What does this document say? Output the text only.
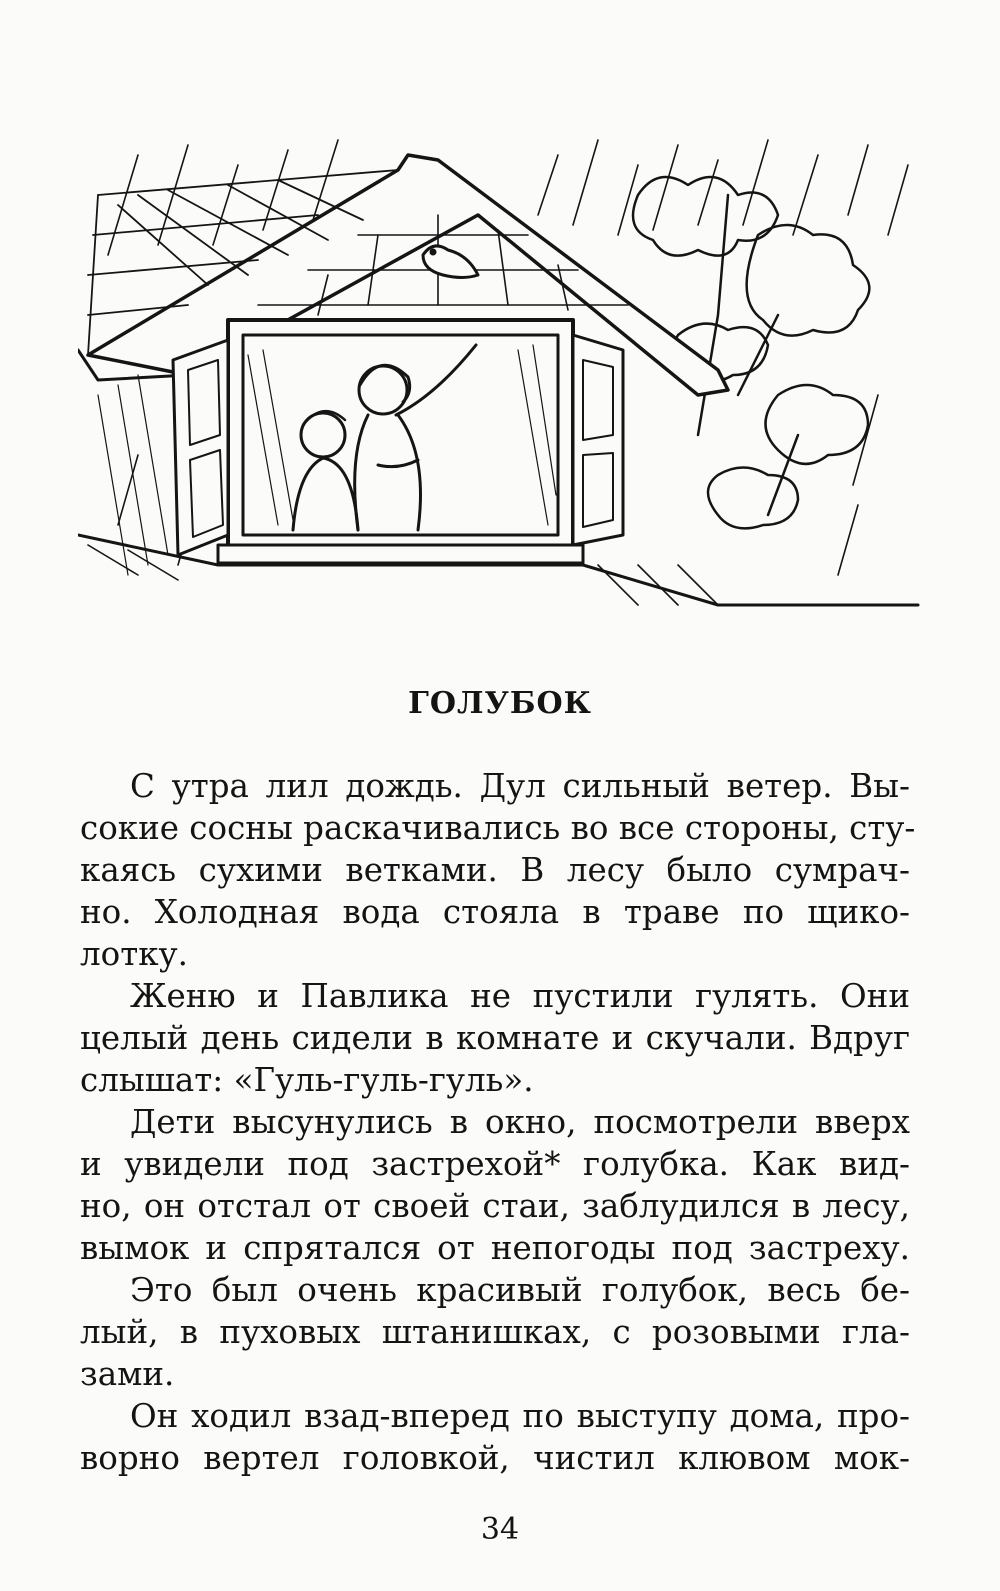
ГОЛУБОК
С утра лил дождь. Дул сильный ветер. Вы-
сокие сосны раскачивались во все стороны, сту-
каясь сухими ветками. В лесу было сумрач-
но. Холодная вода стояла в траве по щико-
лотку.
Женю и Павлика не пустили гулять. Они
целый день сидели в комнате и скучали. Вдруг
слышат: «Гуль-гуль-гуль».
Дети высунулись в окно, посмотрели вверх
и увидели под застрехой* голубка. Как вид-
но, он отстал от своей стаи, заблудился в лесу,
вымок и спрятался от непогоды под застреху.
Это был очень красивый голубок, весь бе-
лый, в пуховых штанишках, с розовыми гла-
зами.
Он ходил взад-вперед по выступу дома, про-
ворно вертел головкой, чистил клювом мок-
34
